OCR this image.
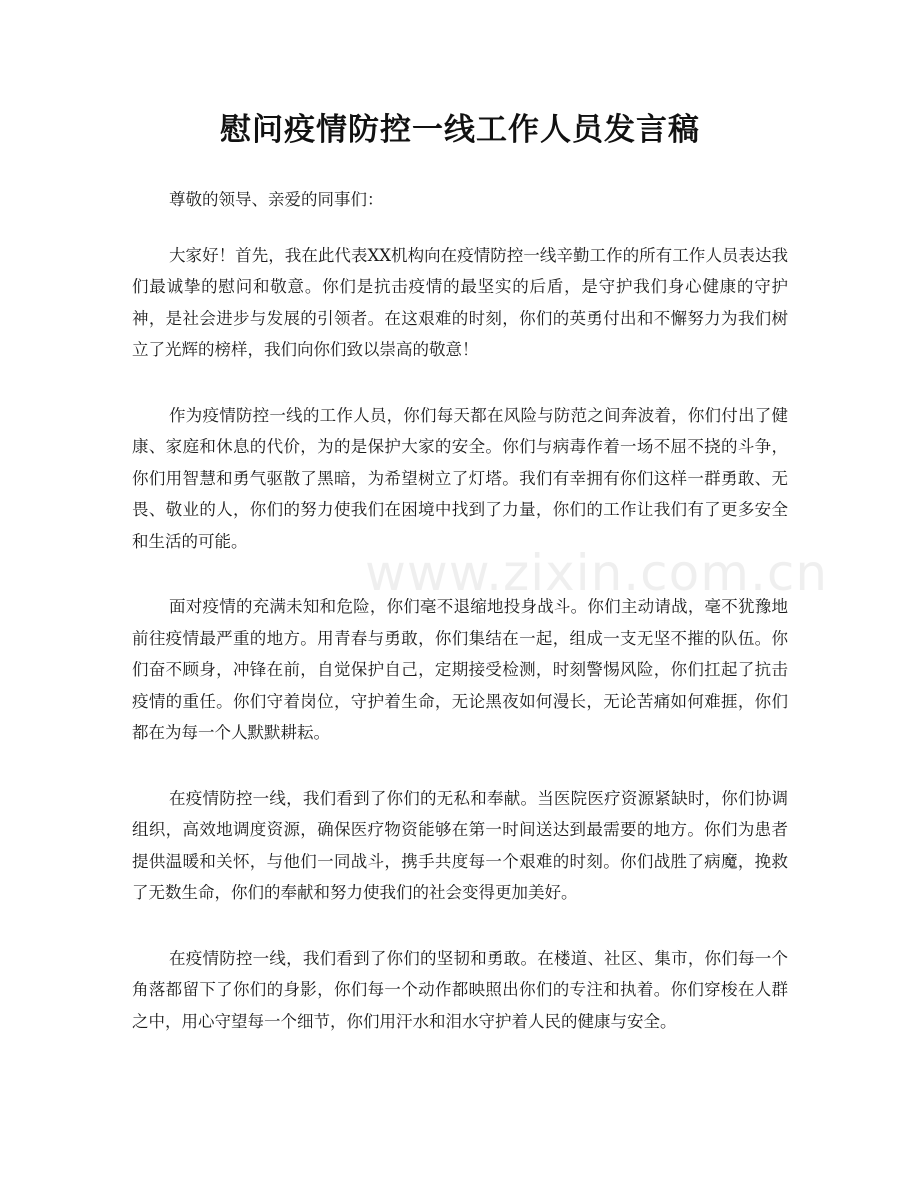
慰问疫情防控一线工作人员发言稿

尊敬的领导、亲爱的同事们：

大家好！首先，我在此代表XX机构向在疫情防控一线辛勤工作的所有工作人员表达我们最诚挚的慰问和敬意。你们是抗击疫情的最坚实的后盾，是守护我们身心健康的守护神，是社会进步与发展的引领者。在这艰难的时刻，你们的英勇付出和不懈努力为我们树立了光辉的榜样，我们向你们致以崇高的敬意！

作为疫情防控一线的工作人员，你们每天都在风险与防范之间奔波着，你们付出了健康、家庭和休息的代价，为的是保护大家的安全。你们与病毒作着一场不屈不挠的斗争，你们用智慧和勇气驱散了黑暗，为希望树立了灯塔。我们有幸拥有你们这样一群勇敢、无畏、敬业的人，你们的努力使我们在困境中找到了力量，你们的工作让我们有了更多安全和生活的可能。

面对疫情的充满未知和危险，你们毫不退缩地投身战斗。你们主动请战，毫不犹豫地前往疫情最严重的地方。用青春与勇敢，你们集结在一起，组成一支无坚不摧的队伍。你们奋不顾身，冲锋在前，自觉保护自己，定期接受检测，时刻警惕风险，你们扛起了抗击疫情的重任。你们守着岗位，守护着生命，无论黑夜如何漫长，无论苦痛如何难捱，你们都在为每一个人默默耕耘。

在疫情防控一线，我们看到了你们的无私和奉献。当医院医疗资源紧缺时，你们协调组织，高效地调度资源，确保医疗物资能够在第一时间送达到最需要的地方。你们为患者提供温暖和关怀，与他们一同战斗，携手共度每一个艰难的时刻。你们战胜了病魔，挽救了无数生命，你们的奉献和努力使我们的社会变得更加美好。

在疫情防控一线，我们看到了你们的坚韧和勇敢。在楼道、社区、集市，你们每一个角落都留下了你们的身影，你们每一个动作都映照出你们的专注和执着。你们穿梭在人群之中，用心守望每一个细节，你们用汗水和泪水守护着人民的健康与安全。

www.zixin.com.cn
